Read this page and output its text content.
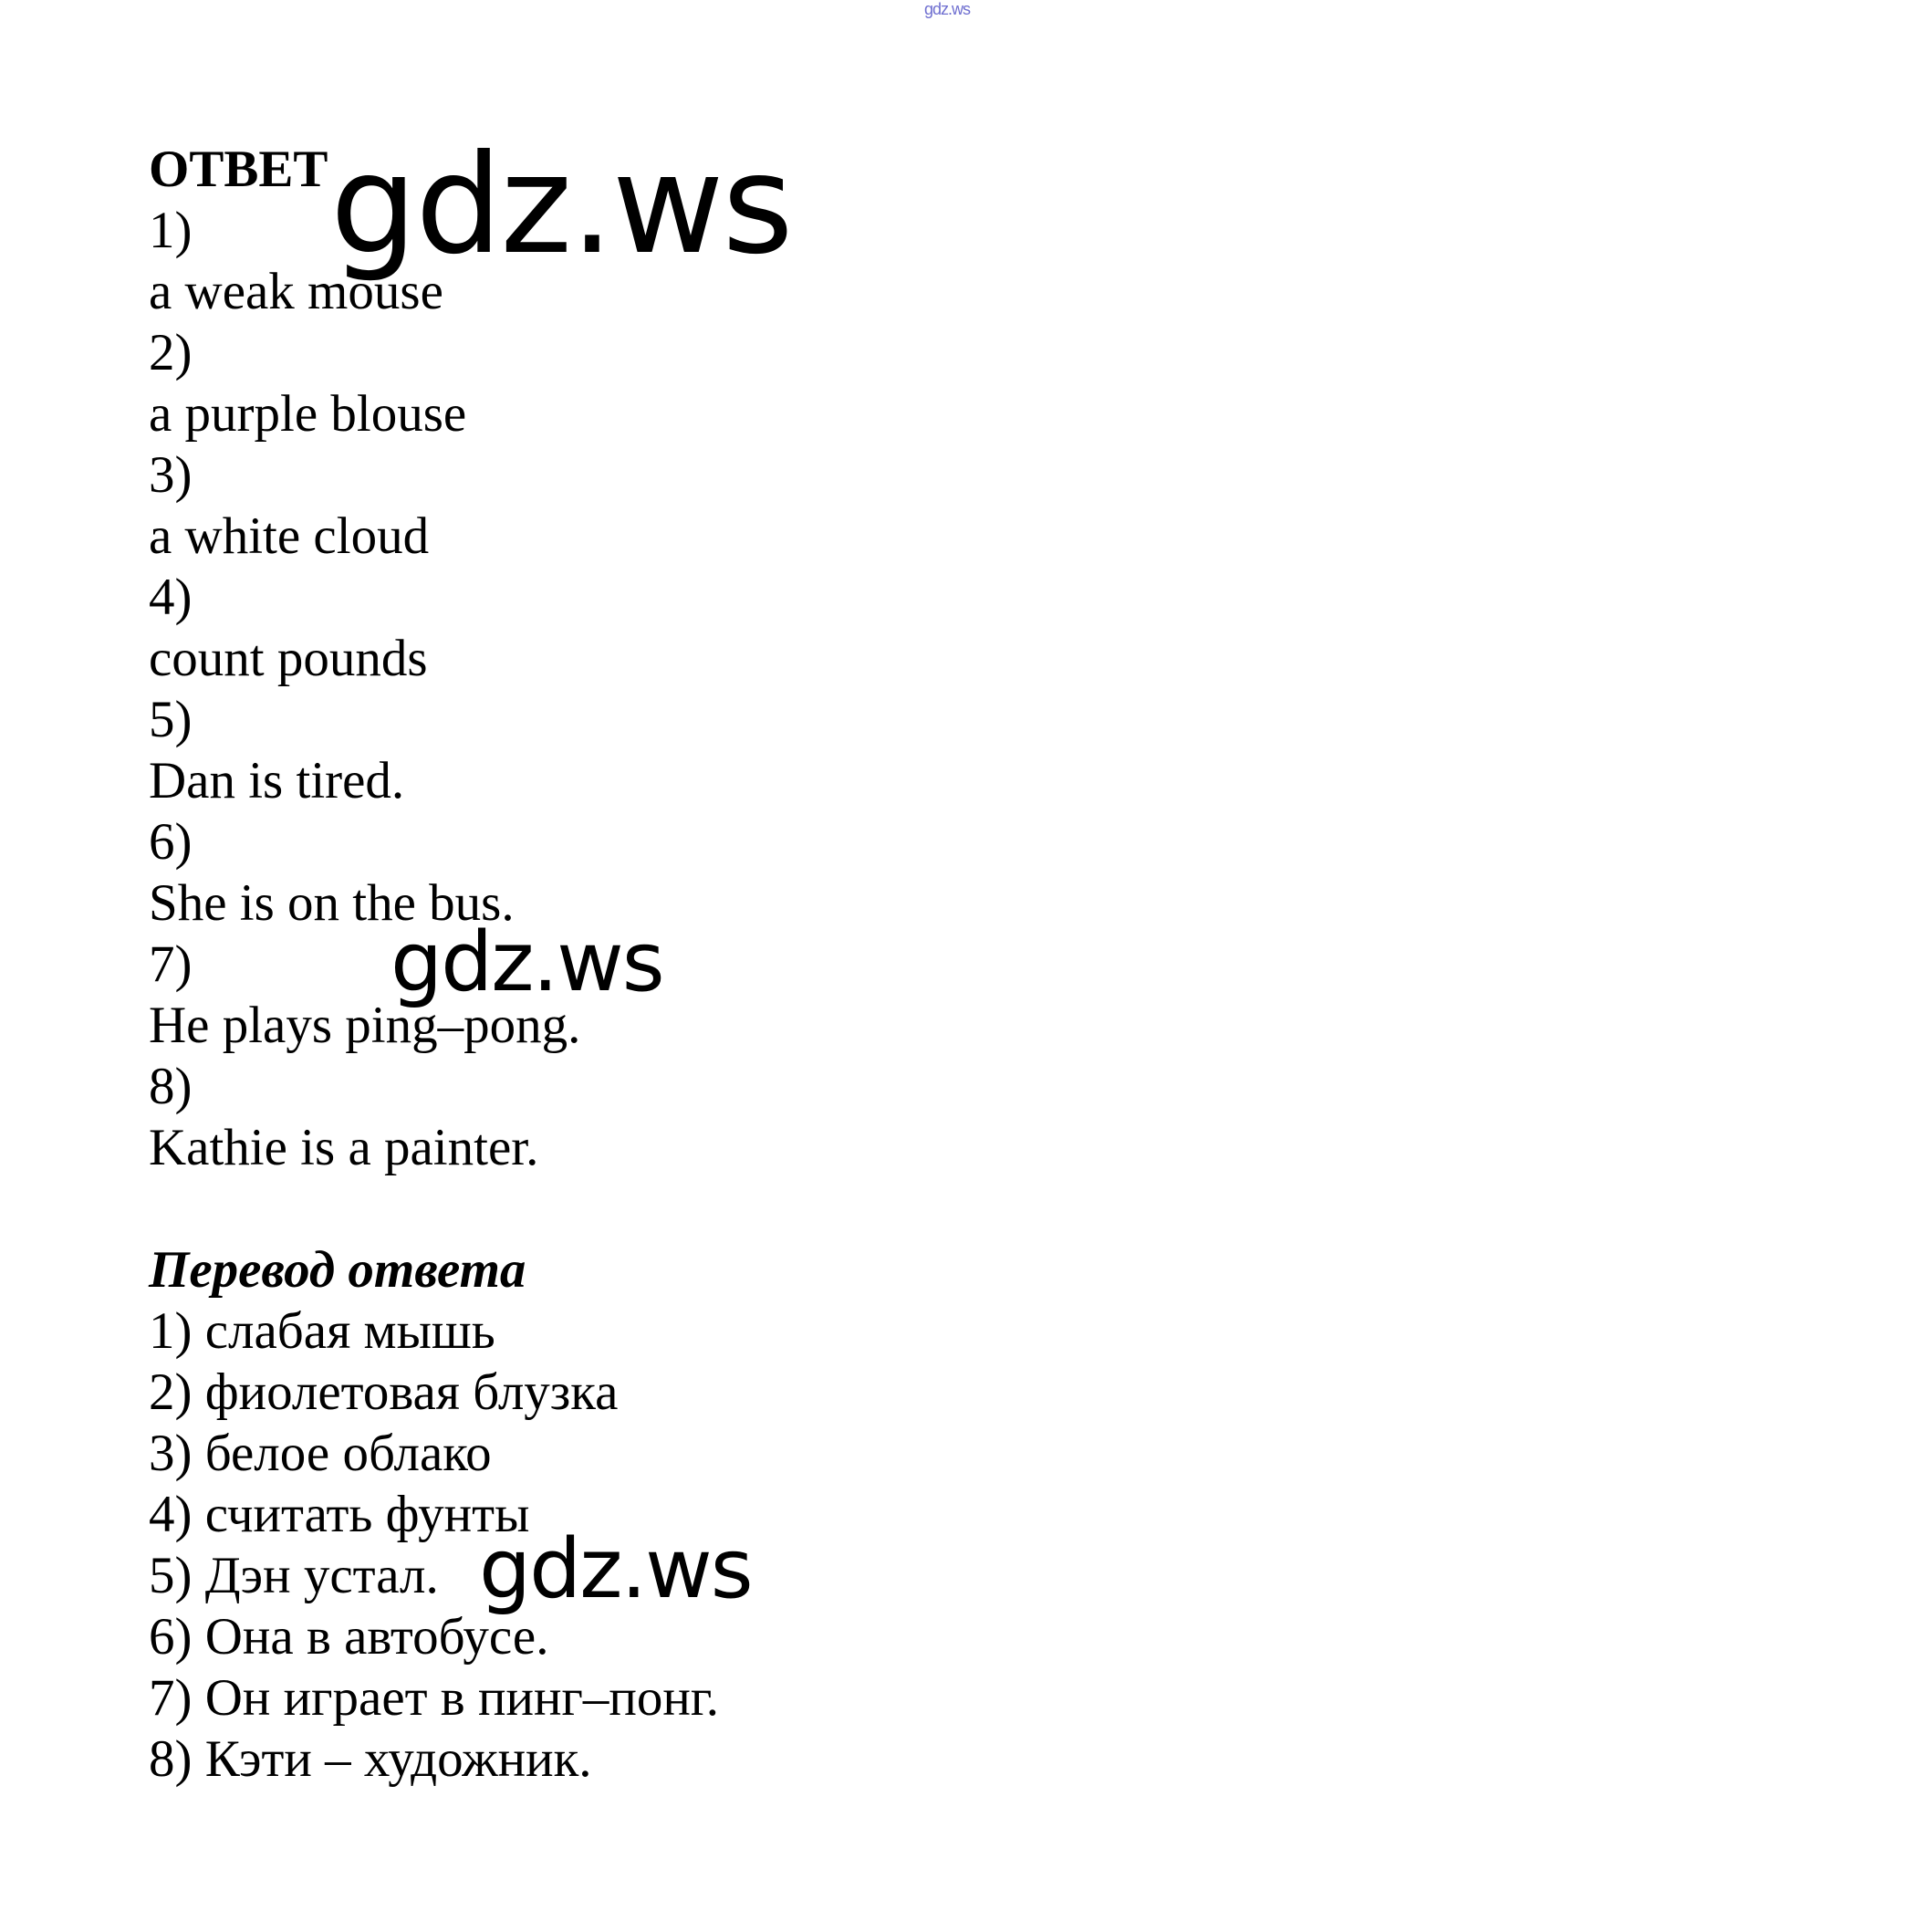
gdz.ws
ОТВЕТ
1)
a weak mouse
2)
a purple blouse
3)
a white cloud
4)
count pounds
5)
Dan is tired.
6)
She is on the bus.
7)
He plays ping–pong.
8)
Kathie is a painter.
Перевод ответа
1) слабая мышь
2) фиолетовая блузка
3) белое облако
4) считать фунты
5) Дэн устал.
6) Она в автобусе.
7) Он играет в пинг–понг.
8) Кэти – художник.
gdz.ws
gdz.ws
gdz.ws
